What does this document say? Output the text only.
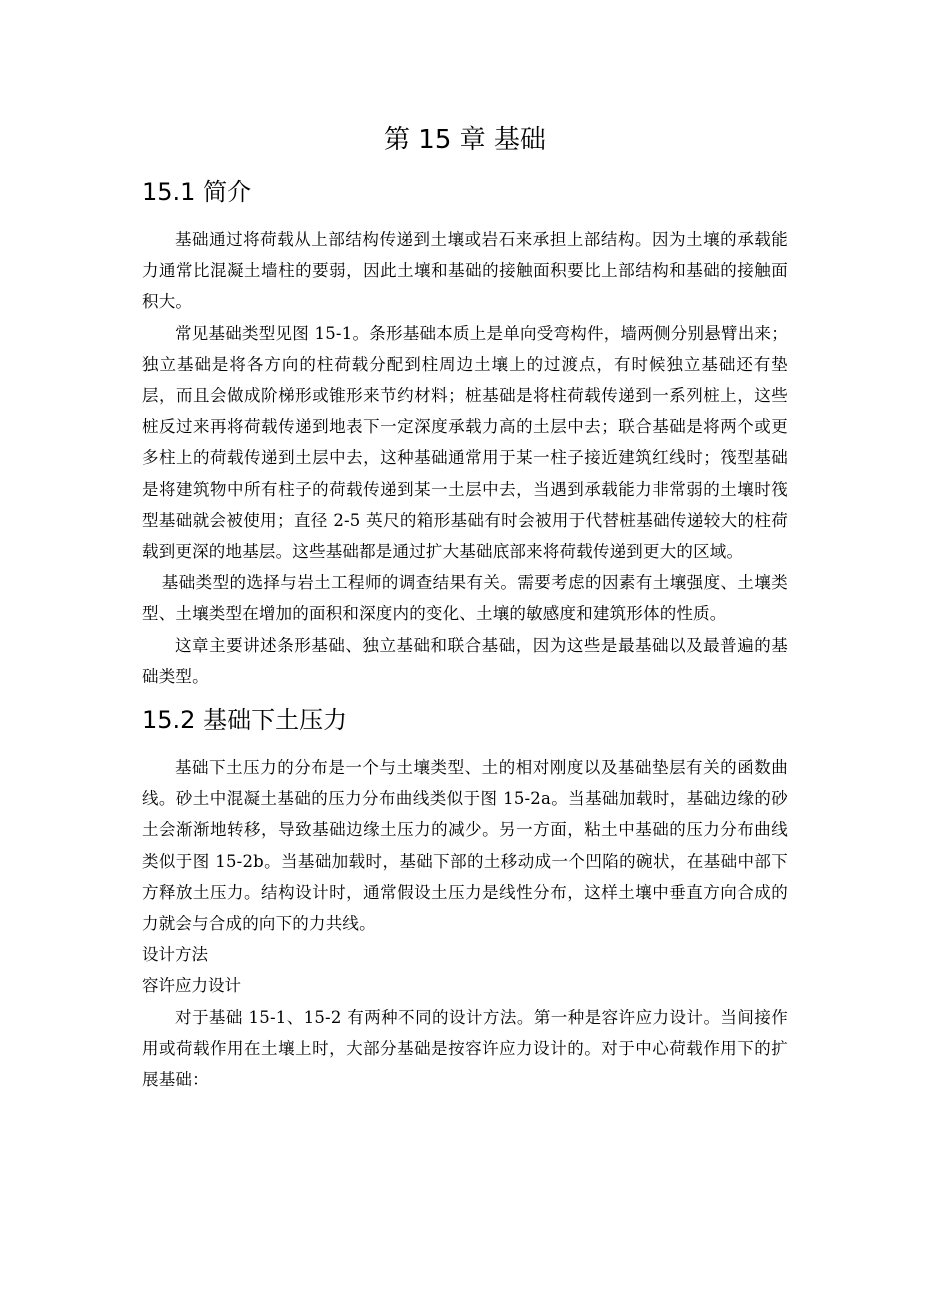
第 15 章 基础
15.1 简介

基础通过将荷载从上部结构传递到土壤或岩石来承担上部结构。因为土壤的承载能力通常比混凝土墙柱的要弱，因此土壤和基础的接触面积要比上部结构和基础的接触面积大。

常见基础类型见图 15-1。条形基础本质上是单向受弯构件，墙两侧分别悬臂出来；独立基础是将各方向的柱荷载分配到柱周边土壤上的过渡点，有时候独立基础还有垫层，而且会做成阶梯形或锥形来节约材料；桩基础是将柱荷载传递到一系列桩上，这些桩反过来再将荷载传递到地表下一定深度承载力高的土层中去；联合基础是将两个或更多柱上的荷载传递到土层中去，这种基础通常用于某一柱子接近建筑红线时；筏型基础是将建筑物中所有柱子的荷载传递到某一土层中去，当遇到承载能力非常弱的土壤时筏型基础就会被使用；直径 2-5 英尺的箱形基础有时会被用于代替桩基础传递较大的柱荷载到更深的地基层。这些基础都是通过扩大基础底部来将荷载传递到更大的区域。

基础类型的选择与岩土工程师的调查结果有关。需要考虑的因素有土壤强度、土壤类型、土壤类型在增加的面积和深度内的变化、土壤的敏感度和建筑形体的性质。

这章主要讲述条形基础、独立基础和联合基础，因为这些是最基础以及最普遍的基础类型。

15.2 基础下土压力

基础下土压力的分布是一个与土壤类型、土的相对刚度以及基础垫层有关的函数曲线。砂土中混凝土基础的压力分布曲线类似于图 15-2a。当基础加载时，基础边缘的砂土会渐渐地转移，导致基础边缘土压力的减少。另一方面，粘土中基础的压力分布曲线类似于图 15-2b。当基础加载时，基础下部的土移动成一个凹陷的碗状，在基础中部下方释放土压力。结构设计时，通常假设土压力是线性分布，这样土壤中垂直方向合成的力就会与合成的向下的力共线。

设计方法

容许应力设计

对于基础 15-1、15-2 有两种不同的设计方法。第一种是容许应力设计。当间接作用或荷载作用在土壤上时，大部分基础是按容许应力设计的。对于中心荷载作用下的扩展基础：
